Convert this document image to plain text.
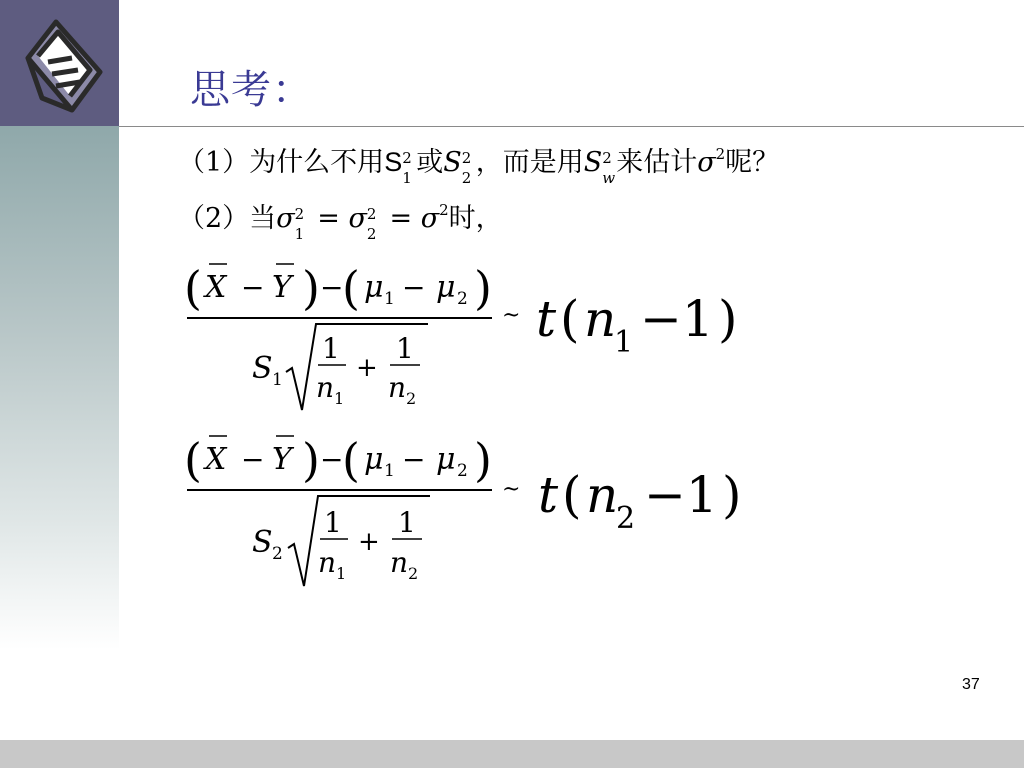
思考：
（1）为什么不用S 2
1 或S 2
2 ，而是用S 2
w 来估计$\sigma^2$呢？
（2）当σ 2
1 = σ 2
$2 = \sigma^2$时，
( X − Y ) −
( μ 1 − μ 2 )
S 1
1
n 1
+
1
n 2
~ t ( n
1 −1 )
( X − Y ) −
( μ 1 − μ 2 )
S 2
1
n 1
+
1
n 2
~ t ( n
2 −1 )
37
